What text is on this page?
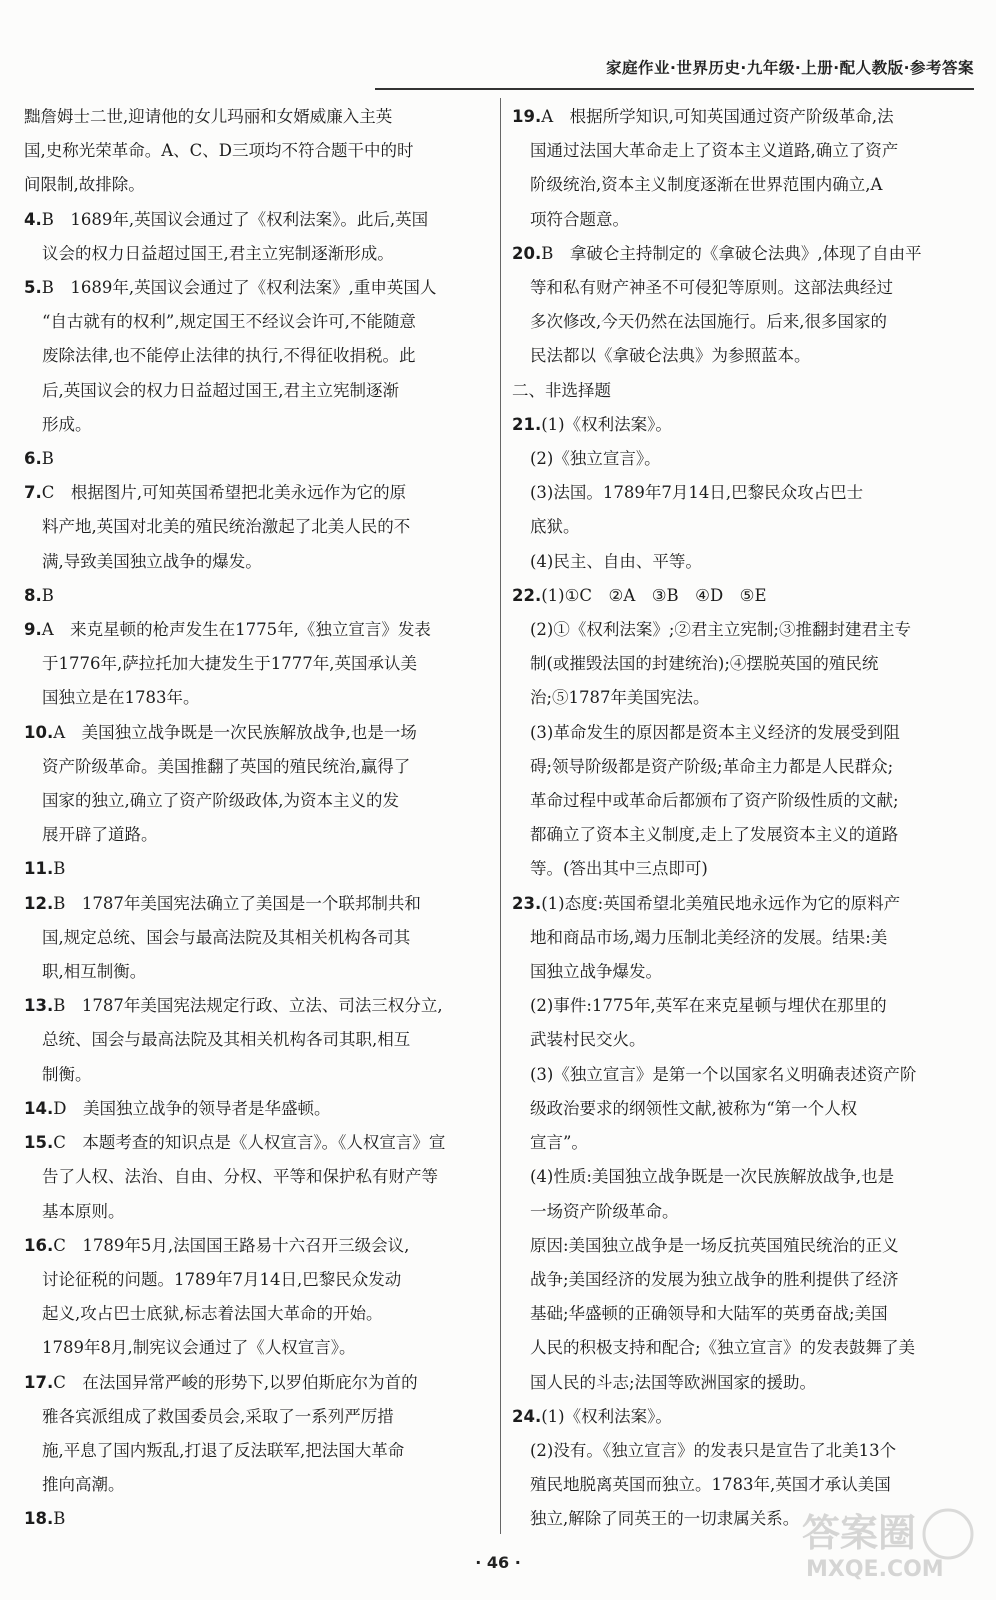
家庭作业·世界历史·九年级·上册·配人教版·参考答案

黜詹姆士二世,迎请他的女儿玛丽和女婿威廉入主英

国,史称光荣革命。A、C、D三项均不符合题干中的时

间限制,故排除。

4.B　1689年,英国议会通过了《权利法案》。此后,英国

议会的权力日益超过国王,君主立宪制逐渐形成。

5.B　1689年,英国议会通过了《权利法案》,重申英国人

“自古就有的权利”,规定国王不经议会许可,不能随意

废除法律,也不能停止法律的执行,不得征收捐税。此

后,英国议会的权力日益超过国王,君主立宪制逐渐

形成。

6.B

7.C　根据图片,可知英国希望把北美永远作为它的原

料产地,英国对北美的殖民统治激起了北美人民的不

满,导致美国独立战争的爆发。

8.B

9.A　来克星顿的枪声发生在1775年,《独立宣言》发表

于1776年,萨拉托加大捷发生于1777年,英国承认美

国独立是在1783年。

10.A　美国独立战争既是一次民族解放战争,也是一场

资产阶级革命。美国推翻了英国的殖民统治,赢得了

国家的独立,确立了资产阶级政体,为资本主义的发

展开辟了道路。

11.B

12.B　1787年美国宪法确立了美国是一个联邦制共和

国,规定总统、国会与最高法院及其相关机构各司其

职,相互制衡。

13.B　1787年美国宪法规定行政、立法、司法三权分立,

总统、国会与最高法院及其相关机构各司其职,相互

制衡。

14.D　美国独立战争的领导者是华盛顿。

15.C　本题考查的知识点是《人权宣言》。《人权宣言》宣

告了人权、法治、自由、分权、平等和保护私有财产等

基本原则。

16.C　1789年5月,法国国王路易十六召开三级会议,

讨论征税的问题。1789年7月14日,巴黎民众发动

起义,攻占巴士底狱,标志着法国大革命的开始。

1789年8月,制宪议会通过了《人权宣言》。

17.C　在法国异常严峻的形势下,以罗伯斯庇尔为首的

雅各宾派组成了救国委员会,采取了一系列严厉措

施,平息了国内叛乱,打退了反法联军,把法国大革命

推向高潮。

18.B

19.A　根据所学知识,可知英国通过资产阶级革命,法

国通过法国大革命走上了资本主义道路,确立了资产

阶级统治,资本主义制度逐渐在世界范围内确立,A

项符合题意。

20.B　拿破仑主持制定的《拿破仑法典》,体现了自由平

等和私有财产神圣不可侵犯等原则。这部法典经过

多次修改,今天仍然在法国施行。后来,很多国家的

民法都以《拿破仑法典》为参照蓝本。

二、非选择题

21.(1)《权利法案》。

(2)《独立宣言》。

(3)法国。1789年7月14日,巴黎民众攻占巴士

底狱。

(4)民主、自由、平等。

22.(1)①C　②A　③B　④D　⑤E

(2)①《权利法案》;②君主立宪制;③推翻封建君主专

制(或摧毁法国的封建统治);④摆脱英国的殖民统

治;⑤1787年美国宪法。

(3)革命发生的原因都是资本主义经济的发展受到阻

碍;领导阶级都是资产阶级;革命主力都是人民群众;

革命过程中或革命后都颁布了资产阶级性质的文献;

都确立了资本主义制度,走上了发展资本主义的道路

等。(答出其中三点即可)

23.(1)态度:英国希望北美殖民地永远作为它的原料产

地和商品市场,竭力压制北美经济的发展。结果:美

国独立战争爆发。

(2)事件:1775年,英军在来克星顿与埋伏在那里的

武装村民交火。

(3)《独立宣言》是第一个以国家名义明确表述资产阶

级政治要求的纲领性文献,被称为“第一个人权

宣言”。

(4)性质:美国独立战争既是一次民族解放战争,也是

一场资产阶级革命。

原因:美国独立战争是一场反抗英国殖民统治的正义

战争;美国经济的发展为独立战争的胜利提供了经济

基础;华盛顿的正确领导和大陆军的英勇奋战;美国

人民的积极支持和配合;《独立宣言》的发表鼓舞了美

国人民的斗志;法国等欧洲国家的援助。

24.(1)《权利法案》。

(2)没有。《独立宣言》的发表只是宣告了北美13个

殖民地脱离英国而独立。1783年,英国才承认美国

独立,解除了同英王的一切隶属关系。

· 46 ·
答案圈
MXQE.COM
